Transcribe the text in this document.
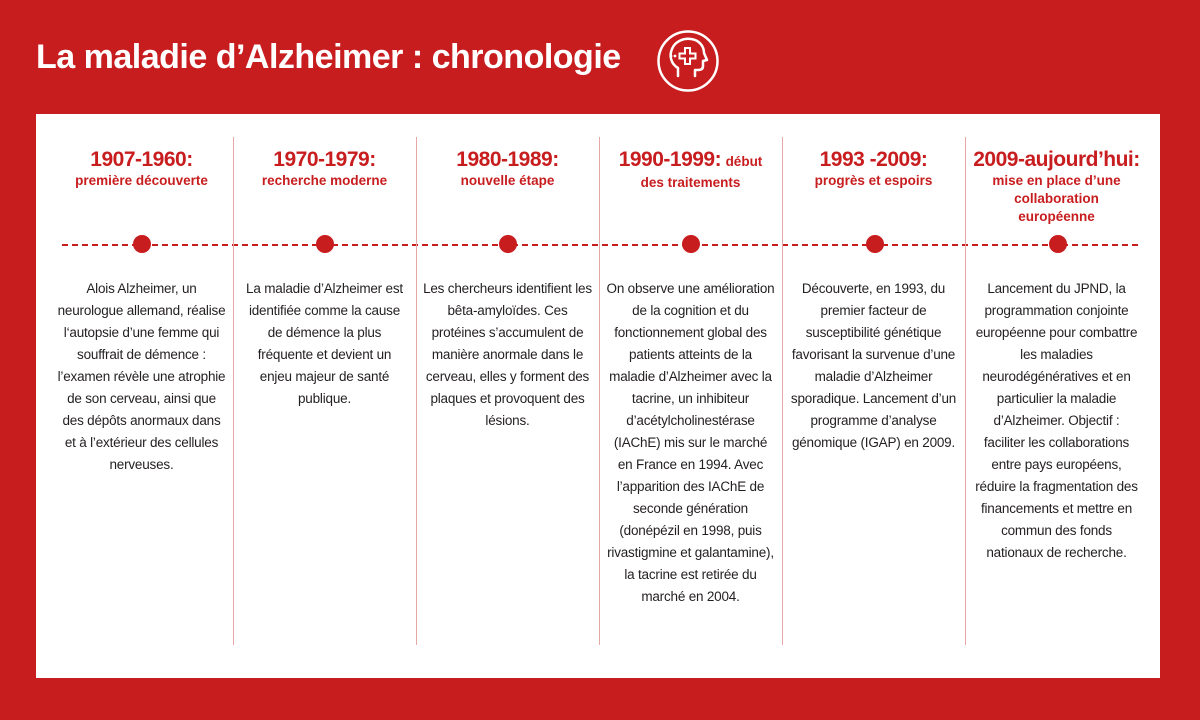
La maladie d’Alzheimer : chronologie
1907-1960:
première découverte
Alois Alzheimer, un neurologue allemand, réalise l‘autopsie d’une femme qui souffrait de démence : l’examen révèle une atrophie de son cerveau, ainsi que des dépôts anormaux dans et à l’extérieur des cellules nerveuses.
1970-1979:
recherche moderne
La maladie d’Alzheimer est identifiée comme la cause de démence la plus fréquente et devient un enjeu majeur de santé publique.
1980-1989:
nouvelle étape
Les chercheurs identifient les bêta-amyloïdes. Ces protéines s’accumulent de manière anormale dans le cerveau, elles y forment des plaques et provoquent des lésions.
1990-1999: début
des traitements
On observe une amélioration de la cognition et du fonctionnement global des patients atteints de la maladie d’Alzheimer avec la tacrine, un inhibiteur d’acétylcholinestérase (IAChE) mis sur le marché en France en 1994. Avec l’apparition des IAChE de seconde génération (donépézil en 1998, puis rivastigmine et galantamine), la tacrine est retirée du marché en 2004.
1993 -2009:
progrès et espoirs
Découverte, en 1993, du premier facteur de susceptibilité génétique favorisant la survenue d’une maladie d’Alzheimer sporadique. Lancement d’un programme d’analyse génomique (IGAP) en 2009.
2009-aujourd’hui:
mise en place d’une collaboration européenne
Lancement du JPND, la programmation conjointe européenne pour combattre les maladies neurodégénératives et en particulier la maladie d’Alzheimer. Objectif : faciliter les collaborations entre pays européens, réduire la fragmentation des financements et mettre en commun des fonds nationaux de recherche.
